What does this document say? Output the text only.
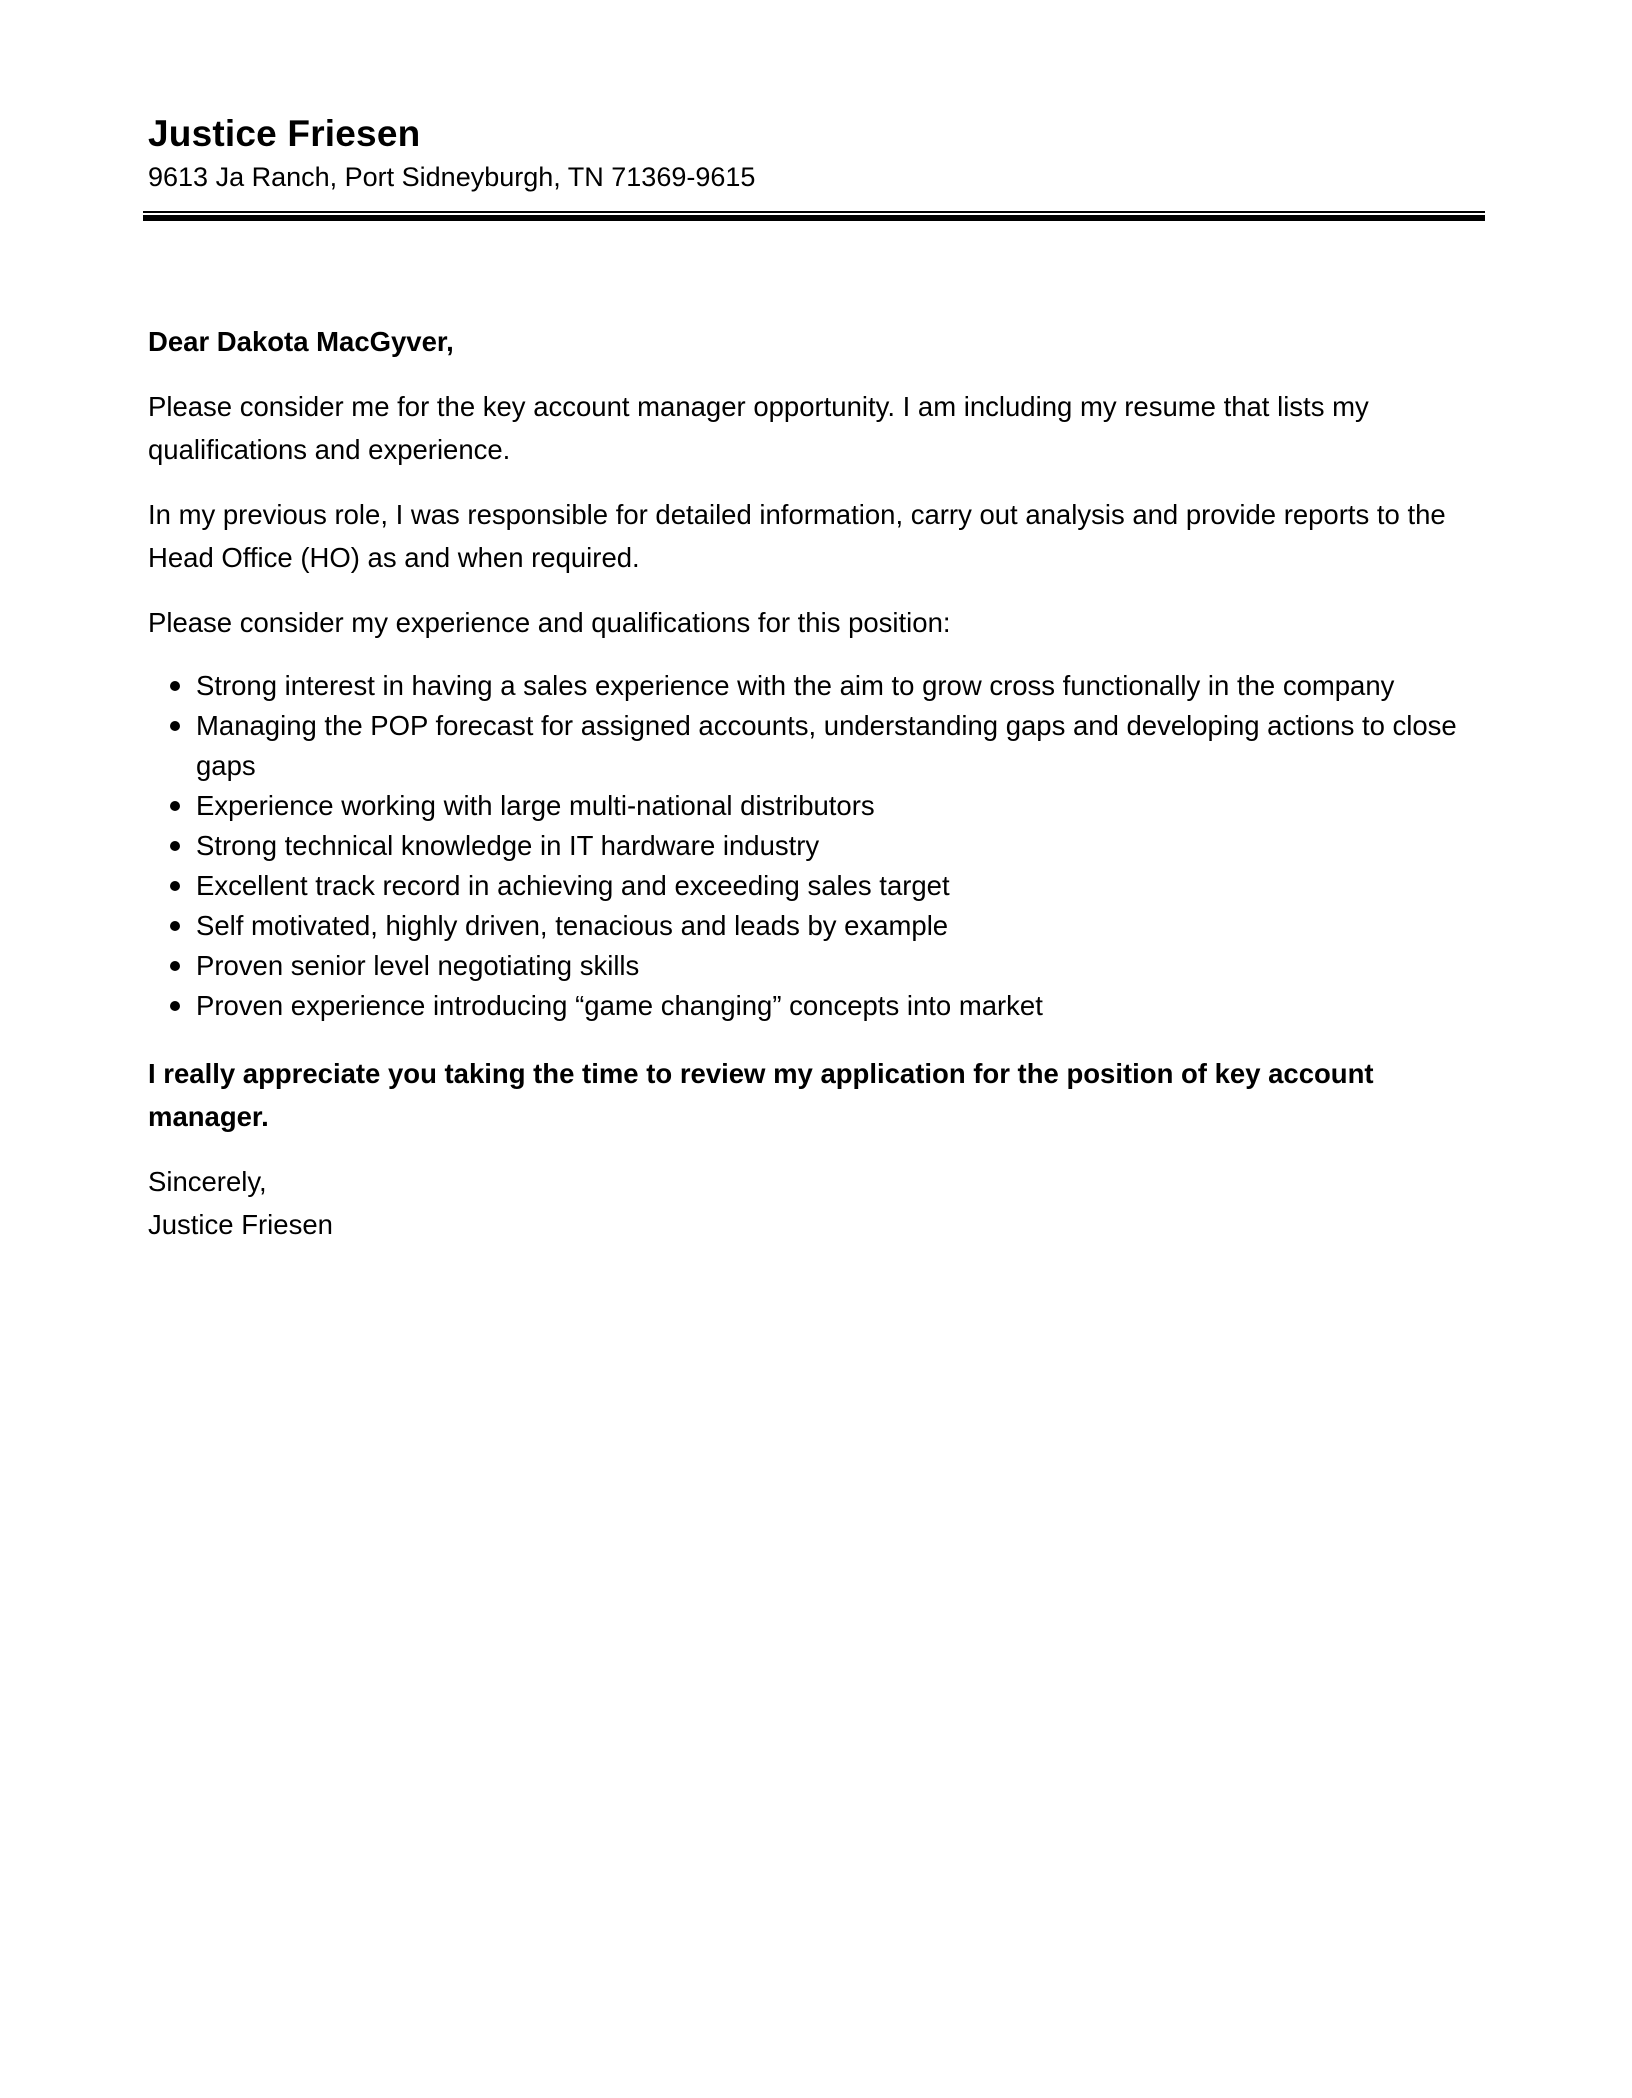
Justice Friesen

9613 Ja Ranch, Port Sidneyburgh, TN 71369-9615

Dear Dakota MacGyver,

Please consider me for the key account manager opportunity. I am including my resume that lists my qualifications and experience.

In my previous role, I was responsible for detailed information, carry out analysis and provide reports to the Head Office (HO) as and when required.

Please consider my experience and qualifications for this position:

Strong interest in having a sales experience with the aim to grow cross functionally in the company
Managing the POP forecast for assigned accounts, understanding gaps and developing actions to close gaps
Experience working with large multi-national distributors
Strong technical knowledge in IT hardware industry
Excellent track record in achieving and exceeding sales target
Self motivated, highly driven, tenacious and leads by example
Proven senior level negotiating skills
Proven experience introducing “game changing” concepts into market

I really appreciate you taking the time to review my application for the position of key account manager.

Sincerely,

Justice Friesen
